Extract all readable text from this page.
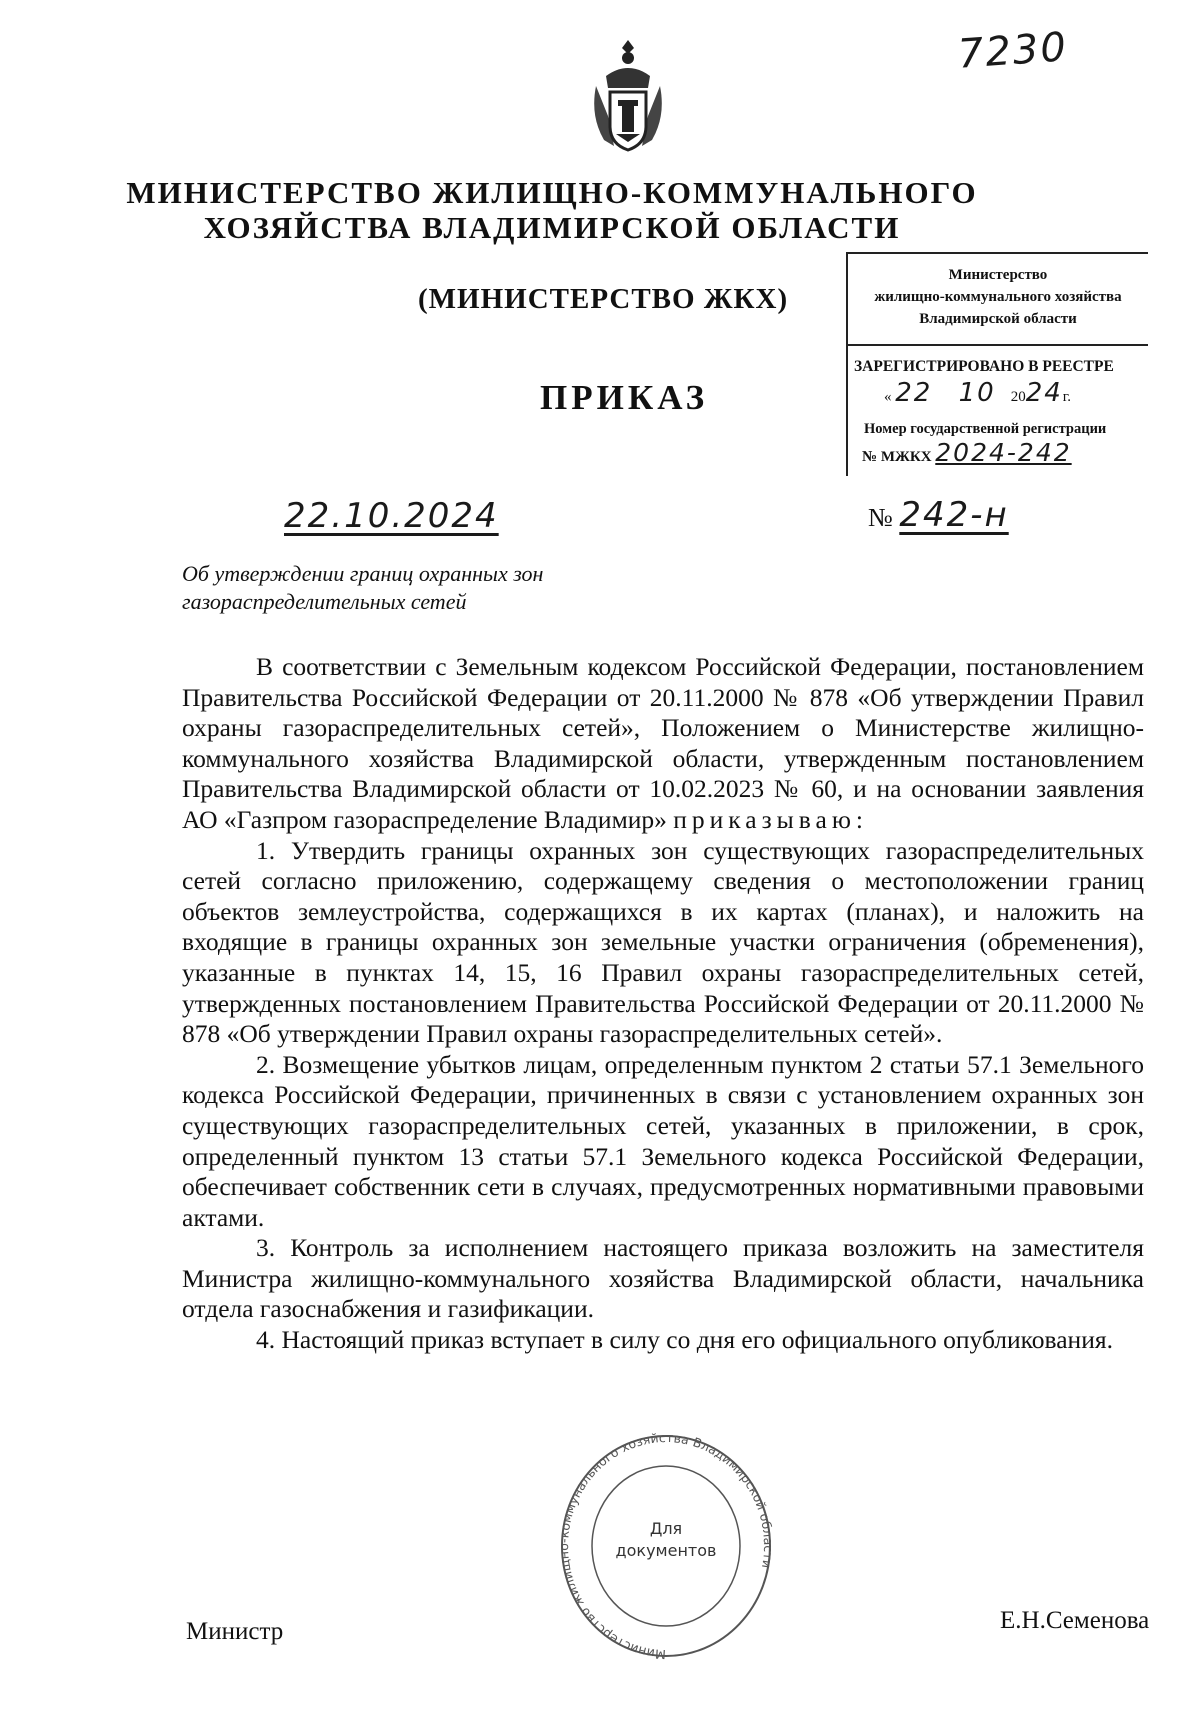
7230
МИНИСТЕРСТВО ЖИЛИЩНО-КОММУНАЛЬНОГО
ХОЗЯЙСТВА ВЛАДИМИРСКОЙ ОБЛАСТИ
(МИНИСТЕРСТВО ЖКХ)
ПРИКАЗ
Министерство
жилищно-коммунального хозяйства
Владимирской области
ЗАРЕГИСТРИРОВАНО В РЕЕСТРЕ
« 22 10 2024г.
Номер государственной регистрации
№ МЖКХ 2024-242
22.10.2024	№ 242-н
Об утверждении границ охранных зон
газораспределительных сетей

В соответствии с Земельным кодексом Российской Федерации, постановлением Правительства Российской Федерации от 20.11.2000 № 878 «Об утверждении Правил охраны газораспределительных сетей», Положением о Министерстве жилищно-коммунального хозяйства Владимирской области, утвержденным постановлением Правительства Владимирской области от 10.02.2023 № 60, и на основании заявления АО «Газпром газораспределение Владимир» приказываю:

1. Утвердить границы охранных зон существующих газораспределительных сетей согласно приложению, содержащему сведения о местоположении границ объектов землеустройства, содержащихся в их картах (планах), и наложить на входящие в границы охранных зон земельные участки ограничения (обременения), указанные в пунктах 14, 15, 16 Правил охраны газораспределительных сетей, утвержденных постановлением Правительства Российской Федерации от 20.11.2000 № 878 «Об утверждении Правил охраны газораспределительных сетей».

2. Возмещение убытков лицам, определенным пунктом 2 статьи 57.1 Земельного кодекса Российской Федерации, причиненных в связи с установлением охранных зон существующих газораспределительных сетей, указанных в приложении, в срок, определенный пунктом 13 статьи 57.1 Земельного кодекса Российской Федерации, обеспечивает собственник сети в случаях, предусмотренных нормативными правовыми актами.

3. Контроль за исполнением настоящего приказа возложить на заместителя Министра жилищно-коммунального хозяйства Владимирской области, начальника отдела газоснабжения и газификации.

4. Настоящий приказ вступает в силу со дня его официального опубликования.

Министерство жилищно-коммунального хозяйства Владимирской области
Для
документов
Министр	Е.Н.Семенова
